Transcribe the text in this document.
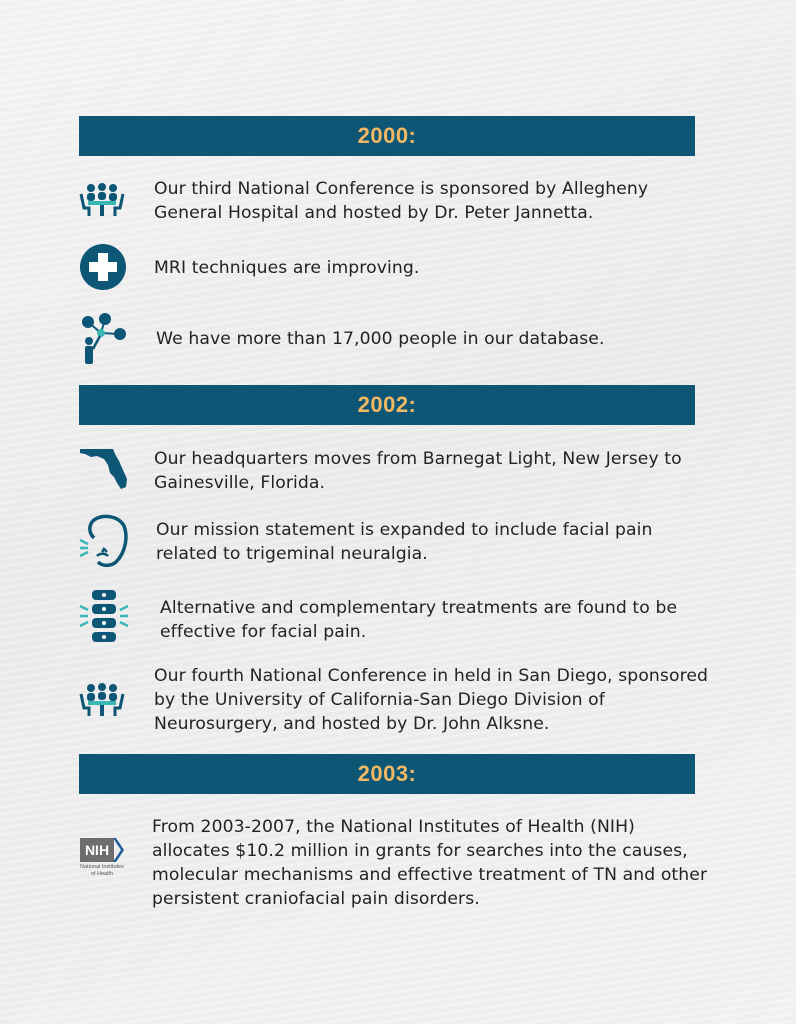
2000:
Our third National Conference is sponsored by Allegheny
General Hospital and hosted by Dr. Peter Jannetta.
MRI techniques are improving.
We have more than 17,000 people in our database.
2002:
Our headquarters moves from Barnegat Light, New Jersey to
Gainesville, Florida.
Our mission statement is expanded to include facial pain
related to trigeminal neuralgia.
Alternative and complementary treatments are found to be
effective for facial pain.
Our fourth National Conference in held in San Diego, sponsored
by the University of California-San Diego Division of
Neurosurgery, and hosted by Dr. John Alksne.
2003:
NIH
National Institutes
of Health
From 2003-2007, the National Institutes of Health (NIH)
allocates $10.2 million in grants for searches into the causes,
molecular mechanisms and effective treatment of TN and other
persistent craniofacial pain disorders.
